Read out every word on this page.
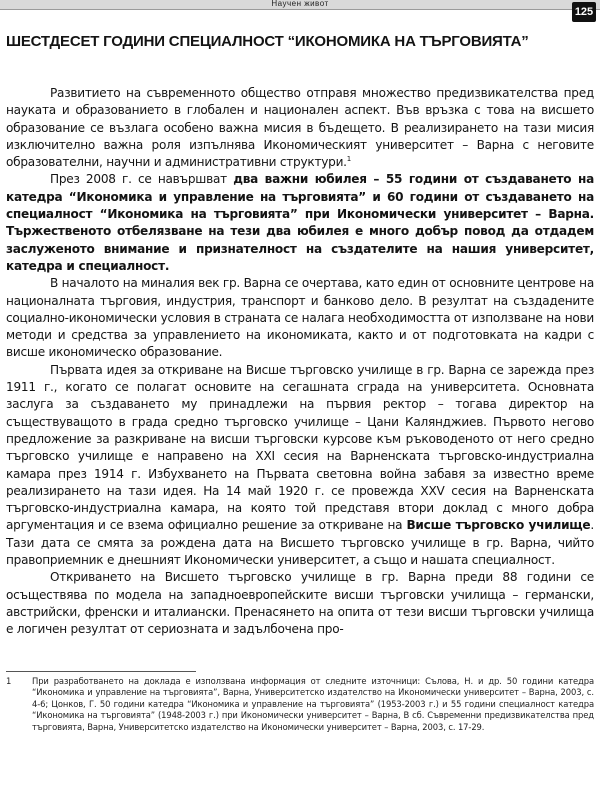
Научен живот
125
ШЕСТДЕСЕТ ГОДИНИ СПЕЦИАЛНОСТ “ИКОНОМИКА НА ТЪРГОВИЯТА”

Развитието на съвременното общество отправя множество предизвикателства пред науката и образованието в глобален и национален аспект. Във връзка с това на висшето образование се възлага особено важна мисия в бъдещето. В реализирането на тази мисия изключително важна роля изпълнява Икономическият университет – Варна с неговите образователни, научни и административни структури.$^1$

През 2008 г. се навършват два важни юбилея – 55 години от създаването на катедра “Икономика и управление на търговията” и 60 години от създаването на специалност “Икономика на търговията” при Икономически университет – Варна. Тържественото отбелязване на тези два юбилея е много добър повод да отдадем заслуженото внимание и признателност на създателите на нашия университет, катедра и специалност.

В началото на миналия век гр. Варна се очертава, като един от основните центрове на националната търговия, индустрия, транспорт и банково дело. В резултат на създадените социално-икономически условия в страната се налага необходимостта от използване на нови методи и средства за управлението на икономиката, както и от подготовката на кадри с висше икономическо образование.

Първата идея за откриване на Висше търговско училище в гр. Варна се зарежда през 1911 г., когато се полагат основите на сегашната сграда на университета. Основната заслуга за създаването му принадлежи на първия ректор – тогава директор на съществуващото в града средно търговско училище – Цани Калянджиев. Първото негово предложение за разкриване на висши търговски курсове към ръководеното от него средно търговско училище е направено на XXI сесия на Варненската търговско-индустриална камара през 1914 г. Избухването на Първата световна война забавя за известно време реализирането на тази идея. На 14 май 1920 г. се провежда XXV сесия на Варненската търговско-индустриална камара, на която той представя втори доклад с много добра аргументация и се взема официално решение за откриване на Висше търговско училище. Тази дата се смята за рождена дата на Висшето търговско училище в гр. Варна, чийто правоприемник е днешният Икономически университет, а също и нашата специалност.

Откриването на Висшето търговско училище в гр. Варна преди 88 години се осъществява по модела на западноевропейските висши търговски училища – германски, австрийски, френски и италиански. Пренасянето на опита от тези висши търговски училища е логичен резултат от сериозната и задълбочена про-

1 При разработването на доклада е използвана информация от следните източници: Сълова, Н. и др. 50 години катедра “Икономика и управление на търговията”, Варна, Университетско издателство на Икономически университет – Варна, 2003, с. 4-6; Цонков, Г. 50 години катедра “Икономика и управление на търговията” (1953-2003 г.) и 55 години специалност катедра “Икономика на търговията” (1948-2003 г.) при Икономически университет – Варна, В сб. Съвременни предизвикателства пред търговията, Варна, Университетско издателство на Икономически университет – Варна, 2003, с. 17-29.
